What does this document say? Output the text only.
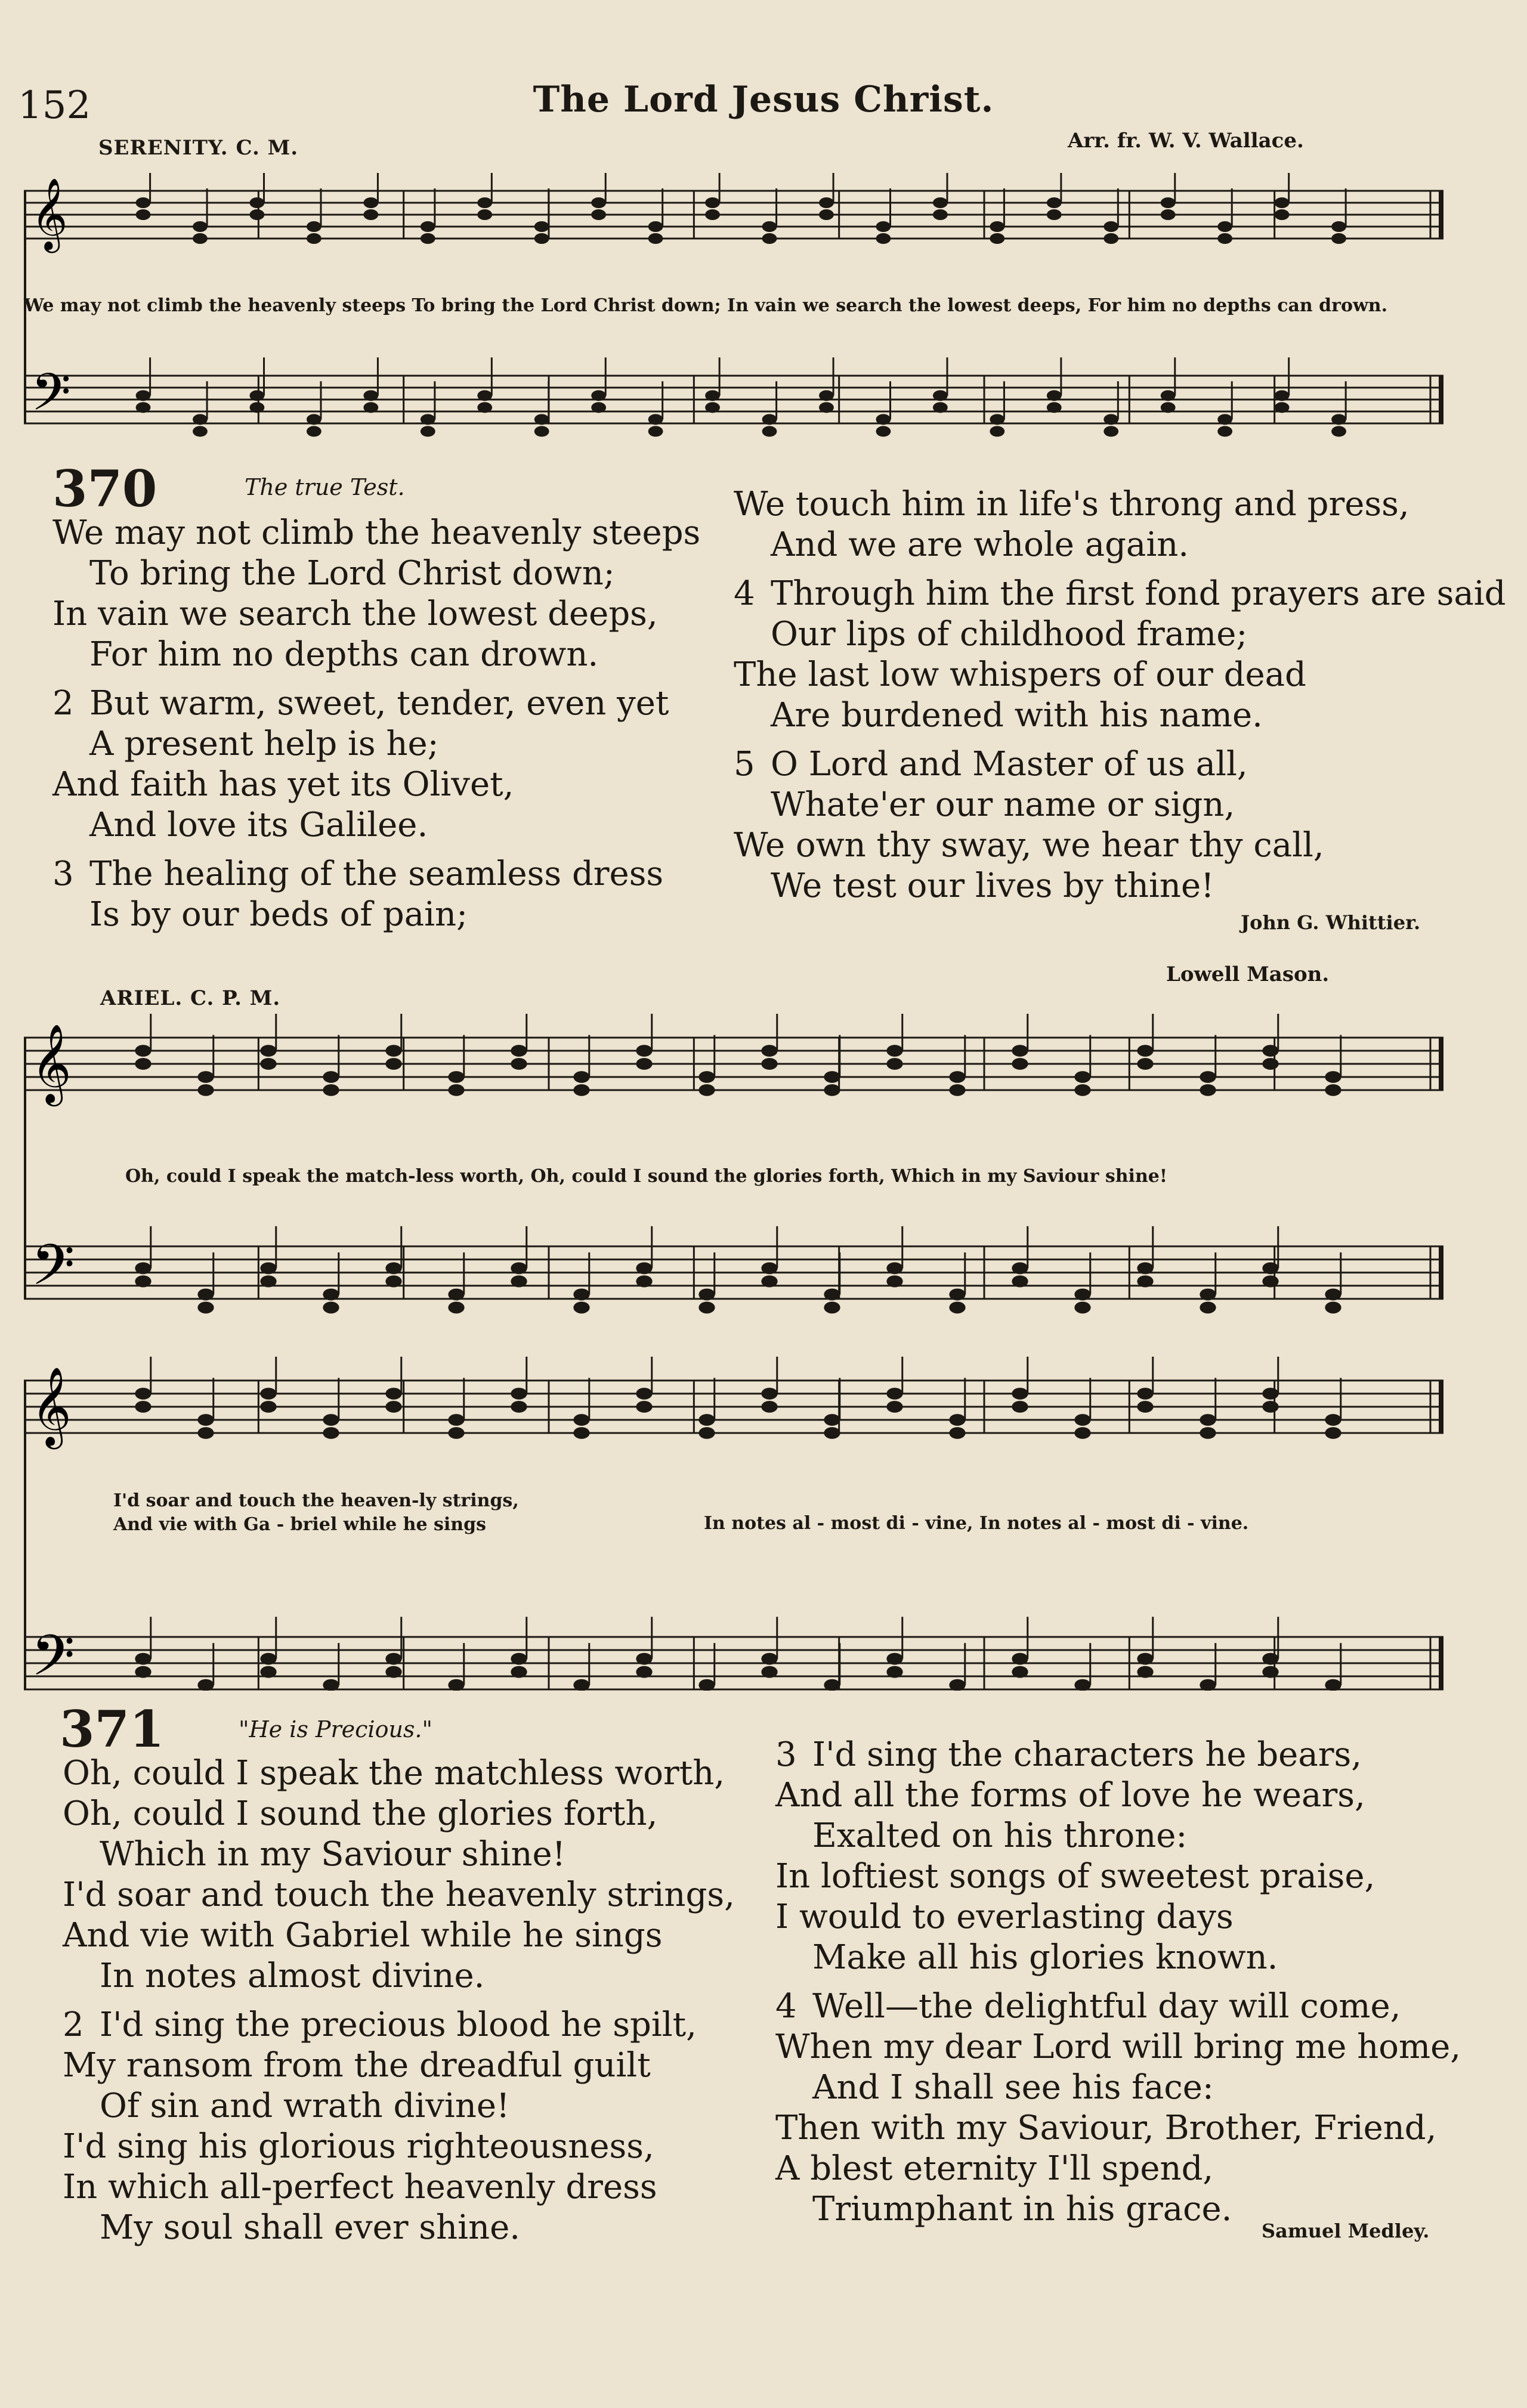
152	The Lord Jesus Christ.
SERENITY. C. M.	Arr. fr. W. V. Wallace.
𝄞
𝄢
We may not climb the heavenly steeps To bring the Lord Christ down; In vain we search the lowest deeps, For him no depths can drown.
370	The true Test.
We may not climb the heavenly steeps
To bring the Lord Christ down;
In vain we search the lowest deeps,
For him no depths can drown.
2 But warm, sweet, tender, even yet
A present help is he;
And faith has yet its Olivet,
And love its Galilee.
3 The healing of the seamless dress
Is by our beds of pain;
We touch him in life's throng and press,
And we are whole again.
4 Through him the first fond prayers are said
Our lips of childhood frame;
The last low whispers of our dead
Are burdened with his name.
5 O Lord and Master of us all,
Whate'er our name or sign,
We own thy sway, we hear thy call,
We test our lives by thine!
John G. Whittier.
Lowell Mason.
ARIEL. C. P. M.
𝄞
𝄢
Oh, could I speak the match-less worth, Oh, could I sound the glories forth, Which in my Saviour shine!
𝄞
𝄢
I'd soar and touch the heaven-ly strings,
And vie with Ga - briel while he sings	In notes al - most di - vine, In notes al - most di - vine.
371	"He is Precious."
Oh, could I speak the matchless worth,
Oh, could I sound the glories forth,
Which in my Saviour shine!
I'd soar and touch the heavenly strings,
And vie with Gabriel while he sings
In notes almost divine.
2 I'd sing the precious blood he spilt,
My ransom from the dreadful guilt
Of sin and wrath divine!
I'd sing his glorious righteousness,
In which all-perfect heavenly dress
My soul shall ever shine.
3 I'd sing the characters he bears,
And all the forms of love he wears,
Exalted on his throne:
In loftiest songs of sweetest praise,
I would to everlasting days
Make all his glories known.
4 Well—the delightful day will come,
When my dear Lord will bring me home,
And I shall see his face:
Then with my Saviour, Brother, Friend,
A blest eternity I'll spend,
Triumphant in his grace.
Samuel Medley.
